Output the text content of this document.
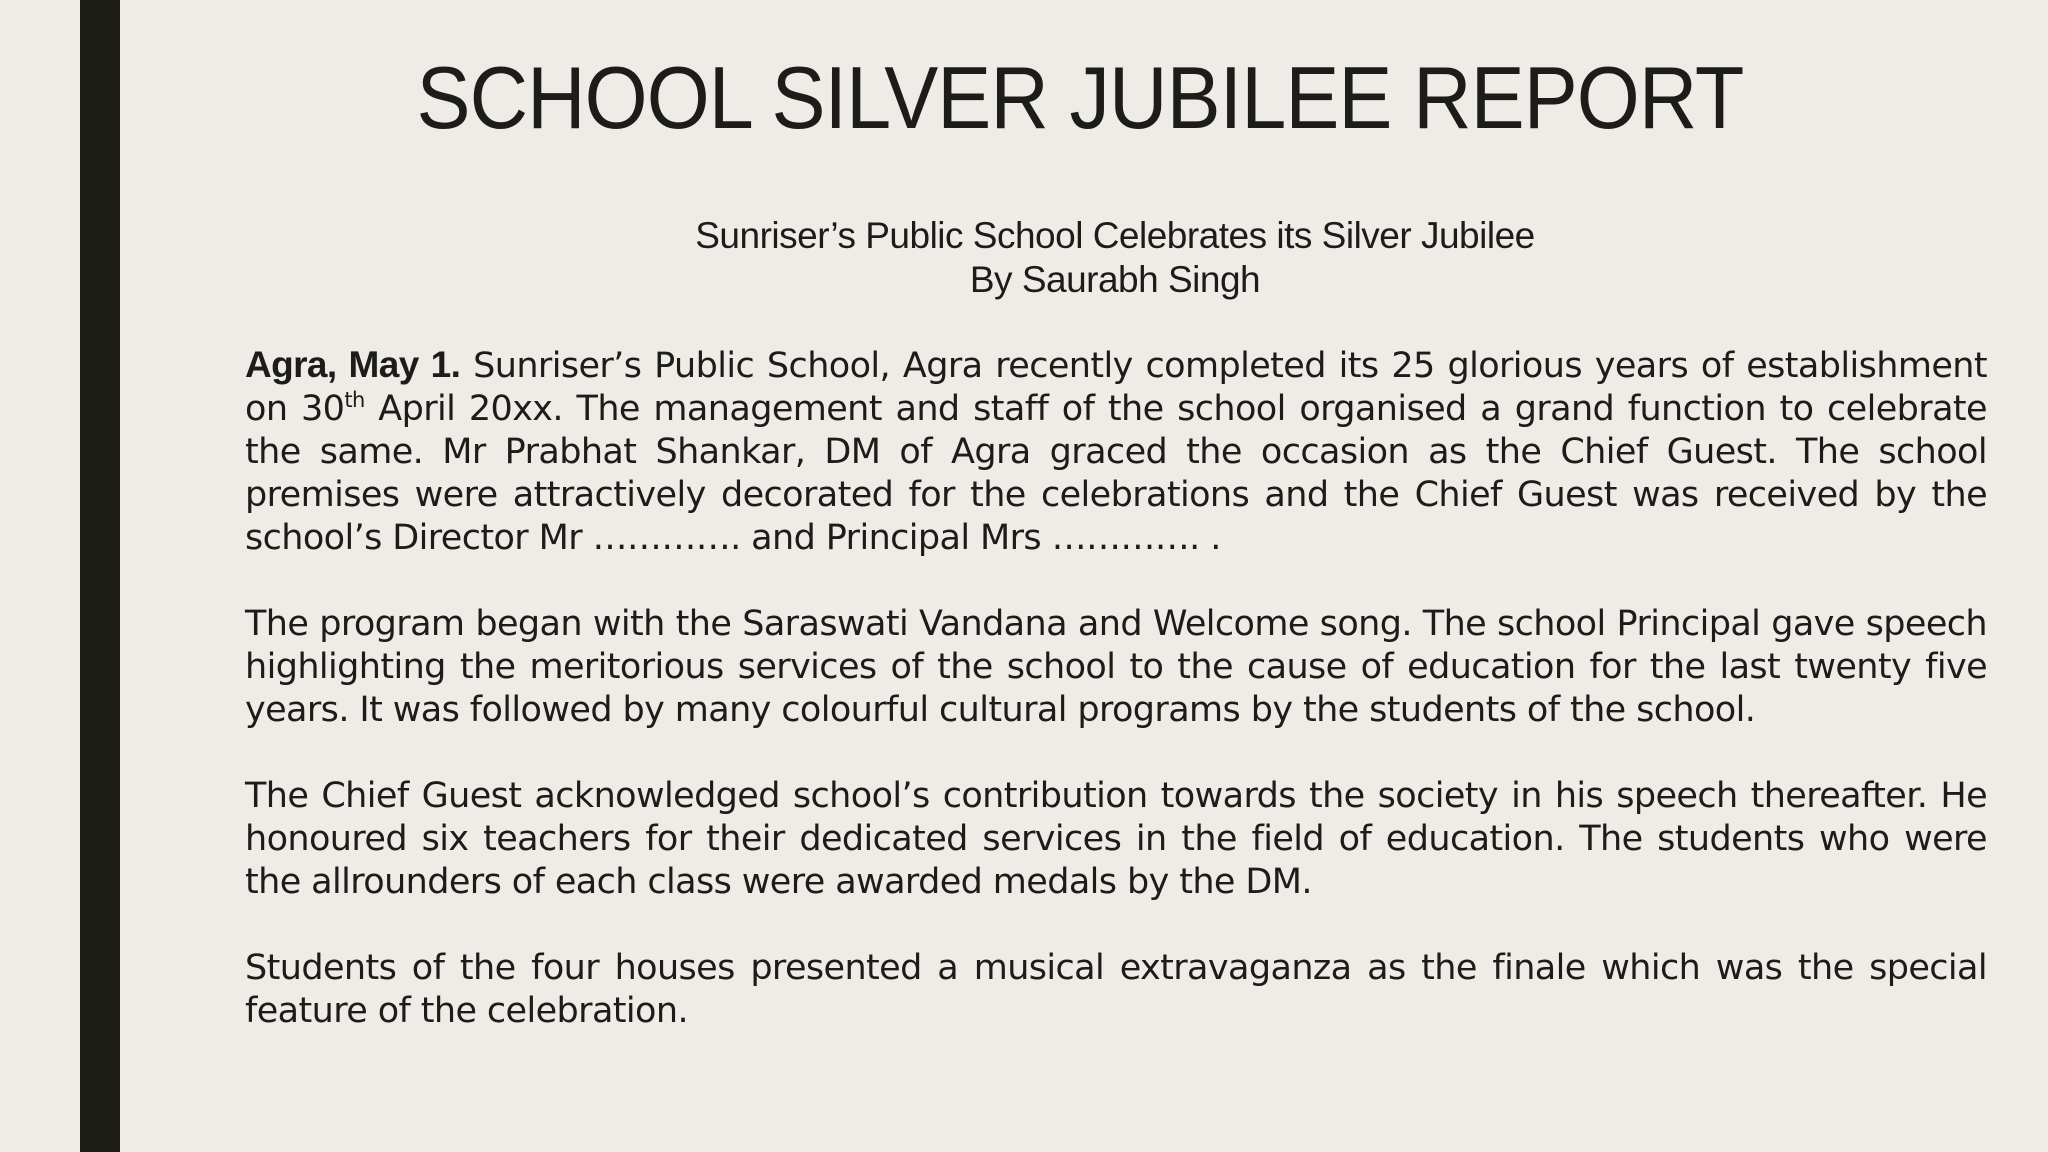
SCHOOL SILVER JUBILEE REPORT
Sunriser’s Public School Celebrates its Silver Jubilee
By Saurabh Singh

Agra, May 1. Sunriser’s Public School, Agra recently completed its 25 glorious years of establishment on 30th April 20xx. The management and staff of the school organised a grand function to celebrate the same. Mr Prabhat Shankar, DM of Agra graced the occasion as the Chief Guest. The school premises were attractively decorated for the celebrations and the Chief Guest was received by the school’s Director Mr …………. and Principal Mrs …………. .

The program began with the Saraswati Vandana and Welcome song. The school Principal gave speech highlighting the meritorious services of the school to the cause of education for the last twenty five years. It was followed by many colourful cultural programs by the students of the school.

The Chief Guest acknowledged school’s contribution towards the society in his speech thereafter. He honoured six teachers for their dedicated services in the field of education. The students who were the allrounders of each class were awarded medals by the DM.

Students of the four houses presented a musical extravaganza as the finale which was the special feature of the celebration.
